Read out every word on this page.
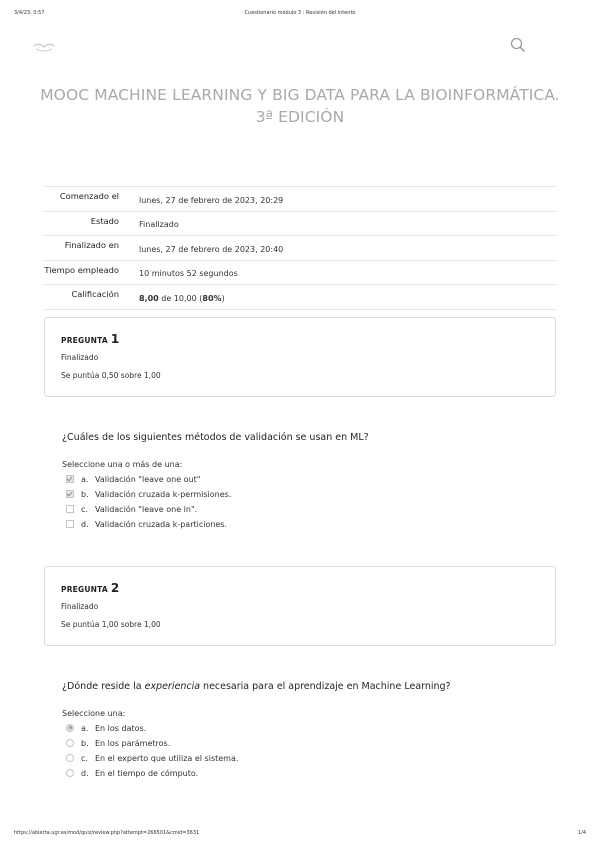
3/4/23, 0:57	Cuestionario módulo 3 : Revisión del intento
MOOC MACHINE LEARNING Y BIG DATA PARA LA BIOINFORMÁTICA. 3ª EDICIÓN
Comenzado el	lunes, 27 de febrero de 2023, 20:29
Estado	Finalizado
Finalizado en	lunes, 27 de febrero de 2023, 20:40
Tiempo empleado	10 minutos 52 segundos
Calificación	8,00 de 10,00 (80%)
PREGUNTA 1
Finalizado
Se puntúa 0,50 sobre 1,00
¿Cuáles de los siguientes métodos de validación se usan en ML?
Seleccione una o más de una:
a. Validación "leave one out"
b. Validación cruzada k-permisiones.
c. Validación "leave one in".
d. Validación cruzada k-particiones.
PREGUNTA 2
Finalizado
Se puntúa 1,00 sobre 1,00
¿Dónde reside la experiencia necesaria para el aprendizaje en Machine Learning?
Seleccione una:
a. En los datos.
b. En los parámetros.
c. En el experto que utiliza el sistema.
d. En el tiempo de cómputo.
https://abierta.ugr.es/mod/quiz/review.php?attempt=266501&cmid=3631	1/4
